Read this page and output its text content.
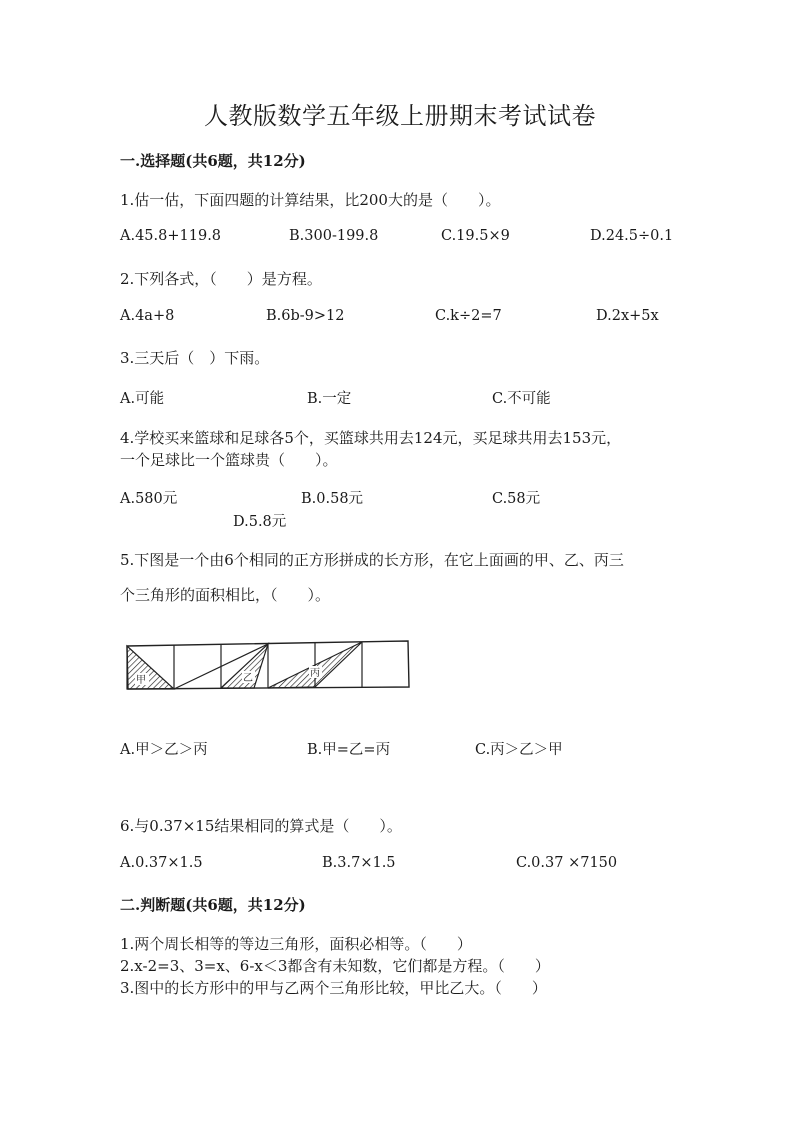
人教版数学五年级上册期末考试试卷
一.选择题(共6题，共12分)
1.估一估，下面四题的计算结果，比200大的是（　　）。
A.45.8+119.8	B.300-199.8	C.19.5×9	D.24.5÷0.1
2.下列各式，（　　）是方程。
A.4a+8	B.6b-9>12	C.k÷2=7	D.2x+5x
3.三天后（　）下雨。
A.可能	B.一定	C.不可能
4.学校买来篮球和足球各5个，买篮球共用去124元，买足球共用去153元，
一个足球比一个篮球贵（　　）。
A.580元	B.0.58元	C.58元
D.5.8元
5.下图是一个由6个相同的正方形拼成的长方形，在它上面画的甲、乙、丙三
个三角形的面积相比，（　　）。
甲	乙	丙
A.甲＞乙＞丙	B.甲=乙=丙	C.丙＞乙＞甲
6.与0.37×15结果相同的算式是（　　）。
A.0.37×1.5	B.3.7×1.5	C.0.37 ×7150
二.判断题(共6题，共12分)
1.两个周长相等的等边三角形，面积必相等。（　　）
2.x-2=3、3=x、6-x＜3都含有未知数，它们都是方程。（　　）
3.图中的长方形中的甲与乙两个三角形比较，甲比乙大。（　　）
